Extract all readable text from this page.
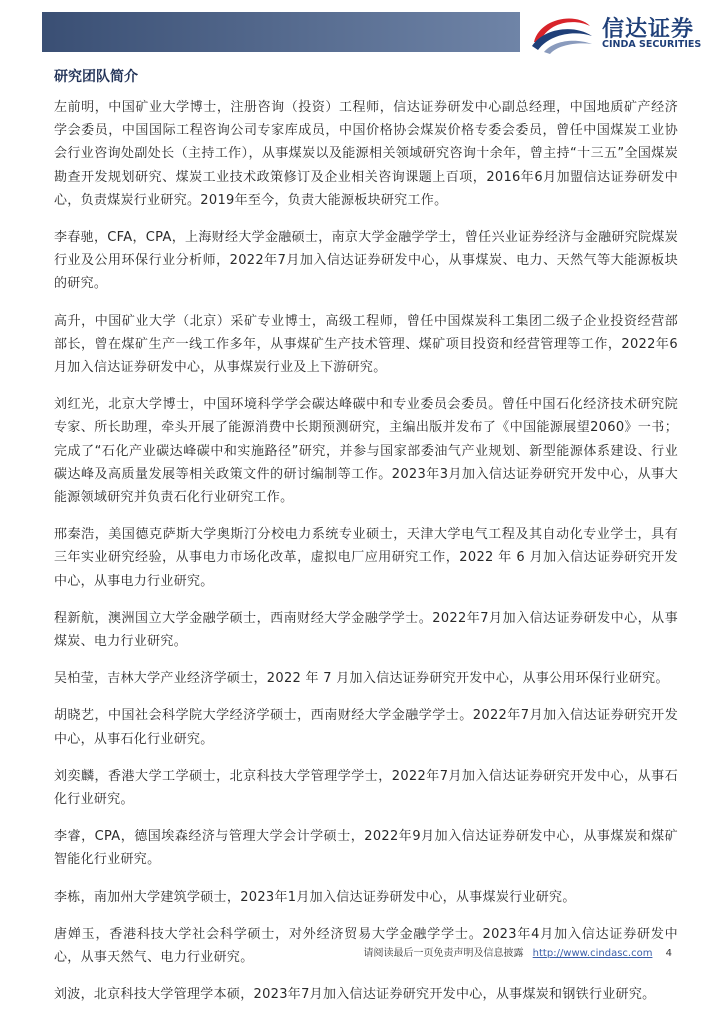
信达证券
CINDA SECURITIES
研究团队简介

左前明，中国矿业大学博士，注册咨询（投资）工程师，信达证券研发中心副总经理，中国地质矿产经济学会委员，中国国际工程咨询公司专家库成员，中国价格协会煤炭价格专委会委员，曾任中国煤炭工业协会行业咨询处副处长（主持工作），从事煤炭以及能源相关领域研究咨询十余年，曾主持“十三五”全国煤炭勘查开发规划研究、煤炭工业技术政策修订及企业相关咨询课题上百项，2016年6月加盟信达证券研发中心，负责煤炭行业研究。2019年至今，负责大能源板块研究工作。

李春驰，CFA，CPA，上海财经大学金融硕士，南京大学金融学学士，曾任兴业证券经济与金融研究院煤炭行业及公用环保行业分析师，2022年7月加入信达证券研发中心，从事煤炭、电力、天然气等大能源板块的研究。

高升，中国矿业大学（北京）采矿专业博士，高级工程师，曾任中国煤炭科工集团二级子企业投资经营部部长，曾在煤矿生产一线工作多年，从事煤矿生产技术管理、煤矿项目投资和经营管理等工作，2022年6月加入信达证券研发中心，从事煤炭行业及上下游研究。

刘红光，北京大学博士，中国环境科学学会碳达峰碳中和专业委员会委员。曾任中国石化经济技术研究院专家、所长助理，牵头开展了能源消费中长期预测研究，主编出版并发布了《中国能源展望2060》一书；完成了“石化产业碳达峰碳中和实施路径”研究，并参与国家部委油气产业规划、新型能源体系建设、行业碳达峰及高质量发展等相关政策文件的研讨编制等工作。2023年3月加入信达证券研究开发中心，从事大能源领域研究并负责石化行业研究工作。

邢秦浩，美国德克萨斯大学奥斯汀分校电力系统专业硕士，天津大学电气工程及其自动化专业学士，具有三年实业研究经验，从事电力市场化改革，虚拟电厂应用研究工作，2022 年 6 月加入信达证券研究开发中心，从事电力行业研究。

程新航，澳洲国立大学金融学硕士，西南财经大学金融学学士。2022年7月加入信达证券研发中心，从事煤炭、电力行业研究。

吴柏莹，吉林大学产业经济学硕士，2022 年 7 月加入信达证券研究开发中心，从事公用环保行业研究。

胡晓艺，中国社会科学院大学经济学硕士，西南财经大学金融学学士。2022年7月加入信达证券研究开发中心，从事石化行业研究。

刘奕麟，香港大学工学硕士，北京科技大学管理学学士，2022年7月加入信达证券研究开发中心，从事石化行业研究。

李睿，CPA，德国埃森经济与管理大学会计学硕士，2022年9月加入信达证券研发中心，从事煤炭和煤矿智能化行业研究。

李栋，南加州大学建筑学硕士，2023年1月加入信达证券研发中心，从事煤炭行业研究。

唐婵玉，香港科技大学社会科学硕士，对外经济贸易大学金融学学士。2023年4月加入信达证券研发中心，从事天然气、电力行业研究。

刘波，北京科技大学管理学本硕，2023年7月加入信达证券研究开发中心，从事煤炭和钢铁行业研究。

请阅读最后一页免责声明及信息披露 http://www.cindasc.com 4
